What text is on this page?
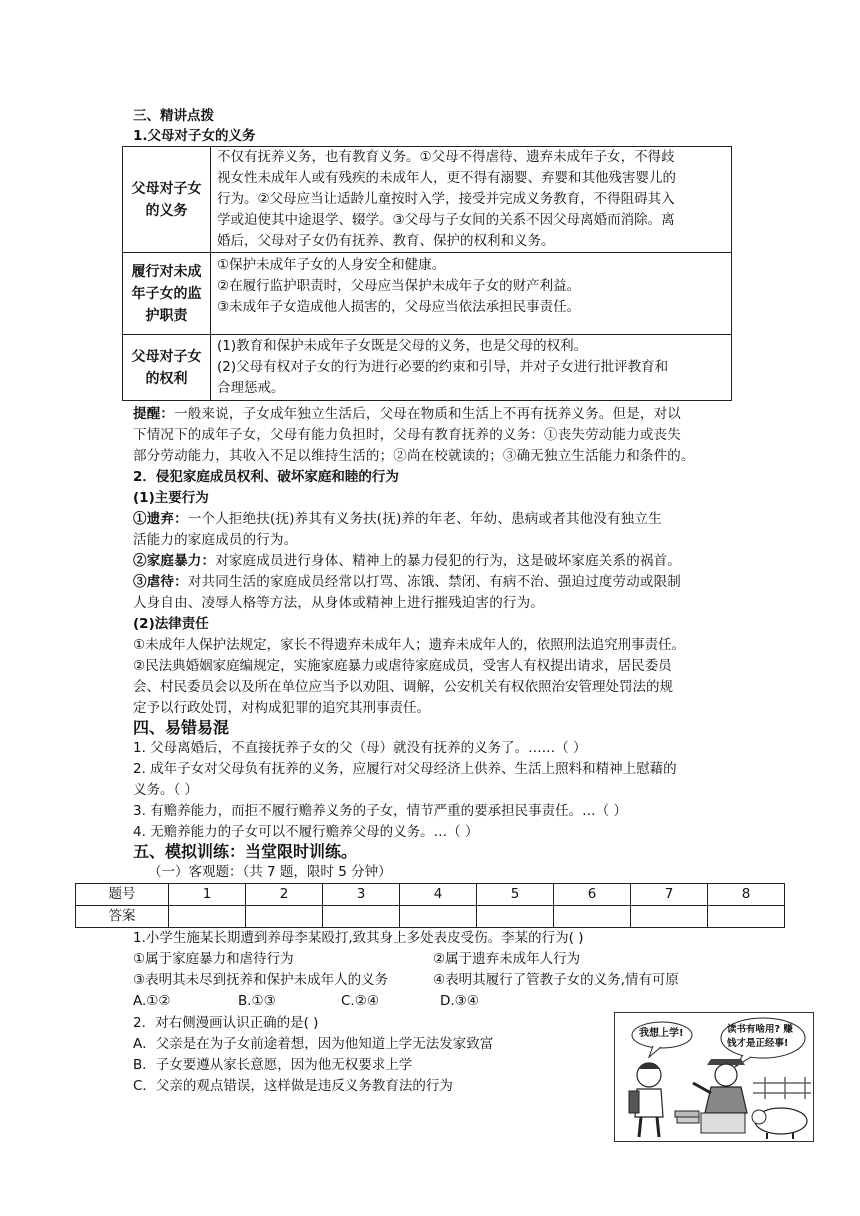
三、精讲点拨
1.父母对子女的义务
父母对子女的义务	不仅有抚养义务，也有教育义务。①父母不得虐待、遗弃未成年子女，不得歧
视女性未成年人或有残疾的未成年人，更不得有溺婴、弃婴和其他残害婴儿的
行为。②父母应当让适龄儿童按时入学，接受并完成义务教育，不得阻碍其入
学或迫使其中途退学、辍学。③父母与子女间的关系不因父母离婚而消除。离
婚后，父母对子女仍有抚养、教育、保护的权利和义务。

履行对未成年子女的监护职责	①保护未成年子女的人身安全和健康。
②在履行监护职责时，父母应当保护未成年子女的财产利益。
③未成年子女造成他人损害的，父母应当依法承担民事责任。

父母对子女的权利	(1)教育和保护未成年子女既是父母的义务，也是父母的权利。
(2)父母有权对子女的行为进行必要的约束和引导，并对子女进行批评教育和
合理惩戒。
提醒：一般来说，子女成年独立生活后，父母在物质和生活上不再有抚养义务。但是，对以
下情况下的成年子女，父母有能力负担时，父母有教育抚养的义务：①丧失劳动能力或丧失
部分劳动能力，其收入不足以维持生活的；②尚在校就读的；③确无独立生活能力和条件的。
2．侵犯家庭成员权利、破坏家庭和睦的行为
(1)主要行为
①遗弃：一个人拒绝扶(抚)养其有义务扶(抚)养的年老、年幼、患病或者其他没有独立生
活能力的家庭成员的行为。
②家庭暴力：对家庭成员进行身体、精神上的暴力侵犯的行为，这是破坏家庭关系的祸首。
③虐待：对共同生活的家庭成员经常以打骂、冻饿、禁闭、有病不治、强迫过度劳动或限制
人身自由、凌辱人格等方法，从身体或精神上进行摧残迫害的行为。
(2)法律责任
①未成年人保护法规定，家长不得遗弃未成年人；遗弃未成年人的，依照刑法追究刑事责任。
②民法典婚姻家庭编规定，实施家庭暴力或虐待家庭成员，受害人有权提出请求，居民委员
会、村民委员会以及所在单位应当予以劝阻、调解，公安机关有权依照治安管理处罚法的规
定予以行政处罚，对构成犯罪的追究其刑事责任。
四、易错易混
1. 父母离婚后，不直接抚养子女的父（母）就没有抚养的义务了。……（ ）
2. 成年子女对父母负有抚养的义务，应履行对父母经济上供养、生活上照料和精神上慰藉的
义务。（ ）
3. 有赡养能力，而拒不履行赡养义务的子女，情节严重的要承担民事责任。…（ ）
4. 无赡养能力的子女可以不履行赡养父母的义务。…（ ）
五、模拟训练：当堂限时训练。
（一）客观题：（共 7 题，限时 5 分钟）
题号	1	2	3	4	5	6	7	8
答案								
1.小学生施某长期遭到养母李某殴打,致其身上多处表皮受伤。李某的行为( )
①属于家庭暴力和虐待行为	②属于遗弃未成年人行为
③表明其未尽到抚养和保护未成年人的义务	④表明其履行了管教子女的义务,情有可原
A.①②	B.①③	C.②④	D.③④
2．对右侧漫画认识正确的是( )
A．父亲是在为子女前途着想，因为他知道上学无法发家致富
B．子女要遵从家长意愿，因为他无权要求上学
C．父亲的观点错误，这样做是违反义务教育法的行为
我想上学!	读书有啥用? 赚
钱才是正经事!
